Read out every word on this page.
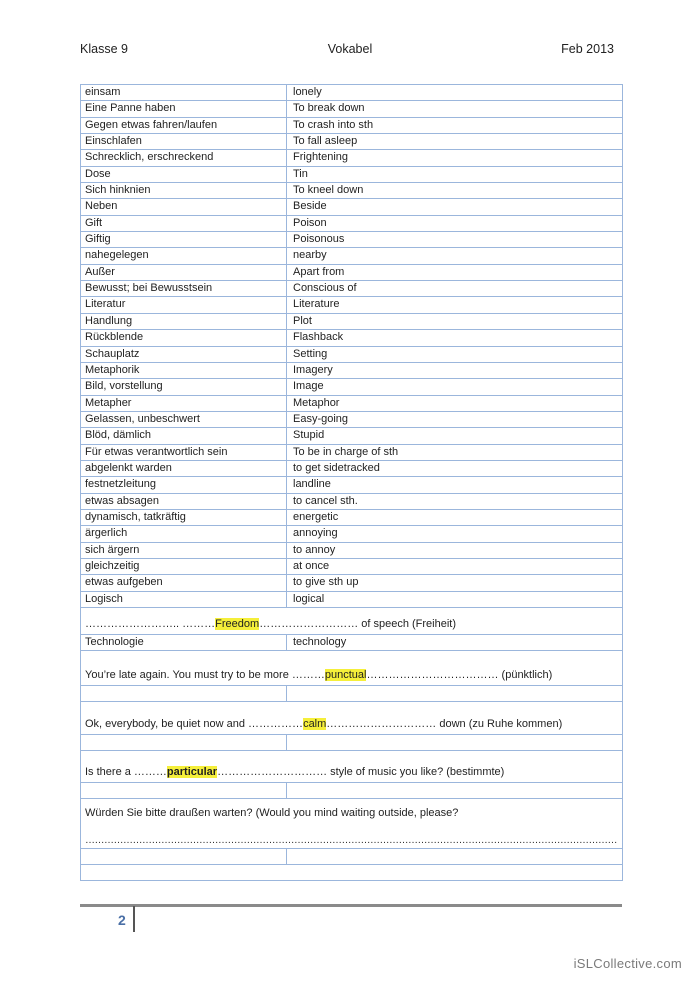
Klasse 9	Vokabel	Feb 2013
einsam	lonely
Eine Panne haben	To break down
Gegen etwas fahren/laufen	To crash into sth
Einschlafen	To fall asleep
Schrecklich, erschreckend	Frightening
Dose	Tin
Sich hinknien	To kneel down
Neben	Beside
Gift	Poison
Giftig	Poisonous
nahegelegen	nearby
Außer	Apart from
Bewusst; bei Bewusstsein	Conscious of
Literatur	Literature
Handlung	Plot
Rückblende	Flashback
Schauplatz	Setting
Metaphorik	Imagery
Bild, vorstellung	Image
Metapher	Metaphor
Gelassen, unbeschwert	Easy-going
Blöd, dämlich	Stupid
Für etwas verantwortlich sein	To be in charge of sth
abgelenkt warden	to get sidetracked
festnetzleitung	landline
etwas absagen	to cancel sth.
dynamisch, tatkräftig	energetic
ärgerlich	annoying
sich ärgern	to annoy
gleichzeitig	at once
etwas aufgeben	to give sth up
Logisch	logical
…………………….. ………Freedom……………………… of speech (Freiheit)
Technologie	technology
You’re late again. You must try to be more ………punctual……………………………… (pünktlich)
Ok, everybody, be quiet now and ……………calm………………………… down (zu Ruhe kommen)
Is there a ………particular………………………… style of music you like? (bestimmte)
Würden Sie bitte draußen warten? (Would you mind waiting outside, please?
……………………………………………………………………………………………………………………………………………………
2
iSLCollective.com
